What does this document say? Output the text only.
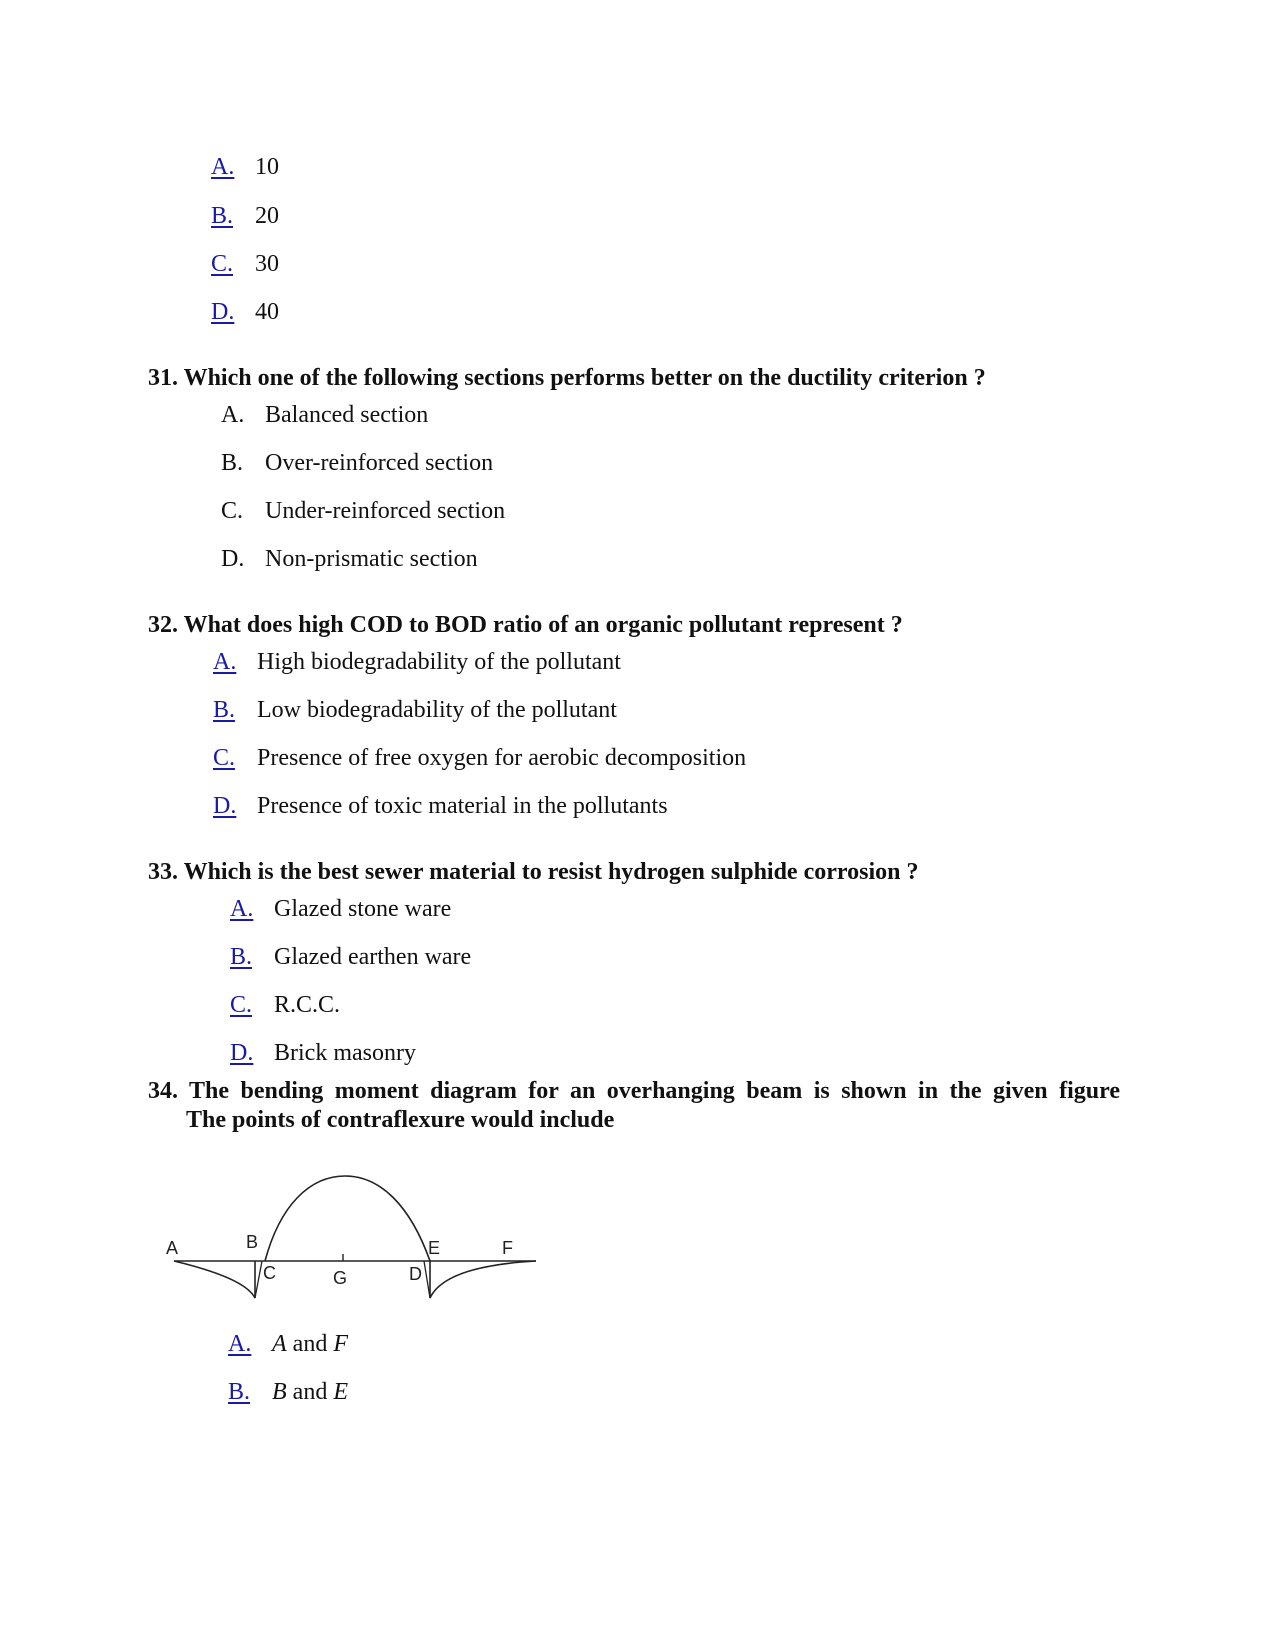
A. 10
B. 20
C. 30
D. 40
31. Which one of the following sections performs better on the ductility criterion ?
A. Balanced section
B. Over-reinforced section
C. Under-reinforced section
D. Non-prismatic section
32. What does high COD to BOD ratio of an organic pollutant represent ?
A. High biodegradability of the pollutant
B. Low biodegradability of the pollutant
C. Presence of free oxygen for aerobic decomposition
D. Presence of toxic material in the pollutants
33. Which is the best sewer material to resist hydrogen sulphide corrosion ?
A. Glazed stone ware
B. Glazed earthen ware
C. R.C.C.
D. Brick masonry
34. The bending moment diagram for an overhanging beam is shown in the given figure
The points of contraflexure would include
A	B
C	G	D
E	F
A. A and F
B. B and E
